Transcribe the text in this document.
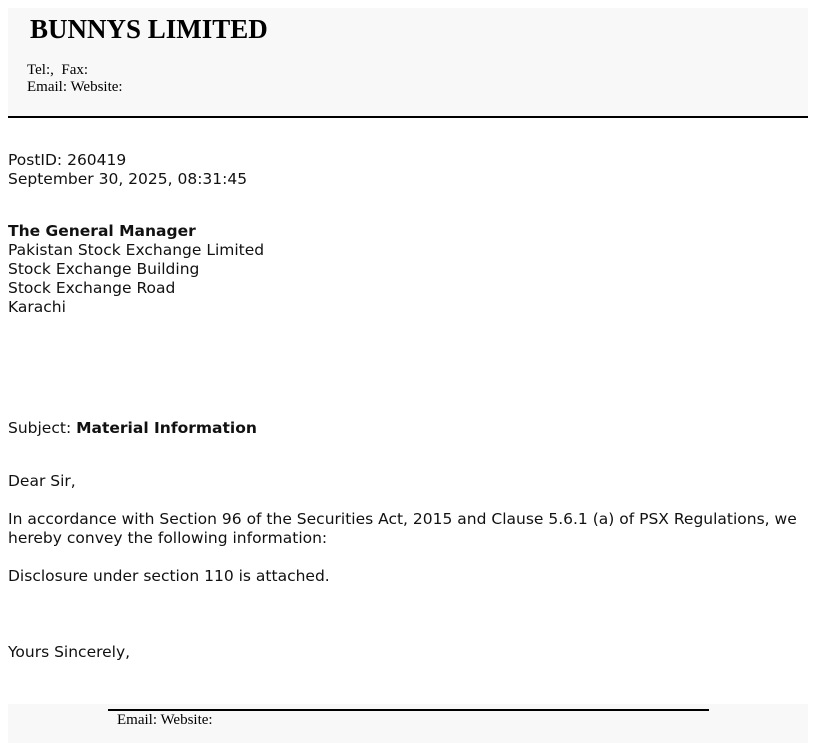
BUNNYS LIMITED
Tel:,  Fax:
Email: Website:
PostID: 260419
September 30, 2025, 08:31:45
The General Manager
Pakistan Stock Exchange Limited
Stock Exchange Building
Stock Exchange Road
Karachi
Subject: Material Information
Dear Sir,
In accordance with Section 96 of the Securities Act, 2015 and Clause 5.6.1 (a) of PSX Regulations, we hereby convey the following information:
Disclosure under section 110 is attached.
Yours Sincerely,
Email: Website:
